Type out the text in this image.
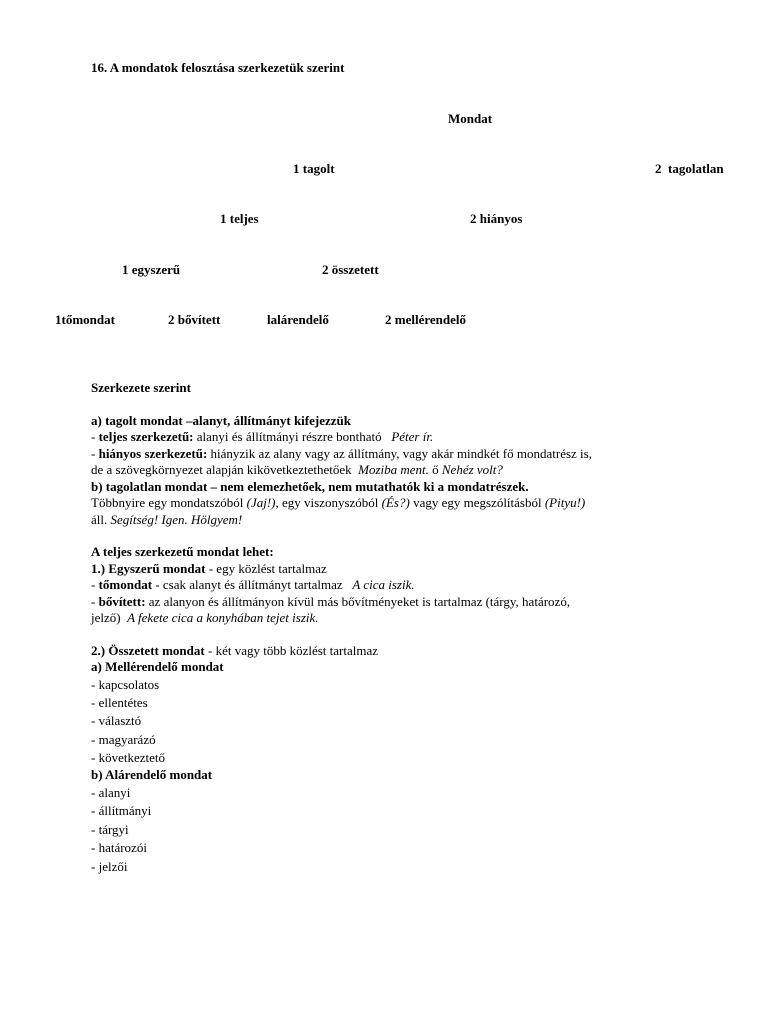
16. A mondatok felosztása szerkezetük szerint
Mondat
1 tagolt	2  tagolatlan
1 teljes	2 hiányos
1 egyszerű	2 összetett
1tőmondat	2 bővített	lalárendelő	2 mellérendelő
Szerkezete szerint
a) tagolt mondat –alanyt, állítmányt kifejezzük
- teljes szerkezetű: alanyi és állítmányi részre bontható Péter ír.
- hiányos szerkezetű: hiányzik az alany vagy az állítmány, vagy akár mindkét fő mondatrész is,
de a szövegkörnyezet alapján kikövetkeztethetőek Moziba ment. ő Nehéz volt?
b) tagolatlan mondat – nem elemezhetőek, nem mutathatók ki a mondatrészek.
Többnyire egy mondatszóból (Jaj!), egy viszonyszóból (És?) vagy egy megszólításból (Pityu!)
áll. Segítség! Igen. Hölgyem!
A teljes szerkezetű mondat lehet:
1.) Egyszerű mondat - egy közlést tartalmaz
- tőmondat - csak alanyt és állítmányt tartalmaz A cica iszik.
- bővített: az alanyon és állítmányon kívül más bővítményeket is tartalmaz (tárgy, határozó,
jelző) A fekete cica a konyhában tejet iszik.
2.) Összetett mondat - két vagy több közlést tartalmaz
a) Mellérendelő mondat
- kapcsolatos
- ellentétes
- választó
- magyarázó
- következtető
b) Alárendelő mondat
- alanyi
- állítmányi
- tárgyi
- határozói
- jelzői
